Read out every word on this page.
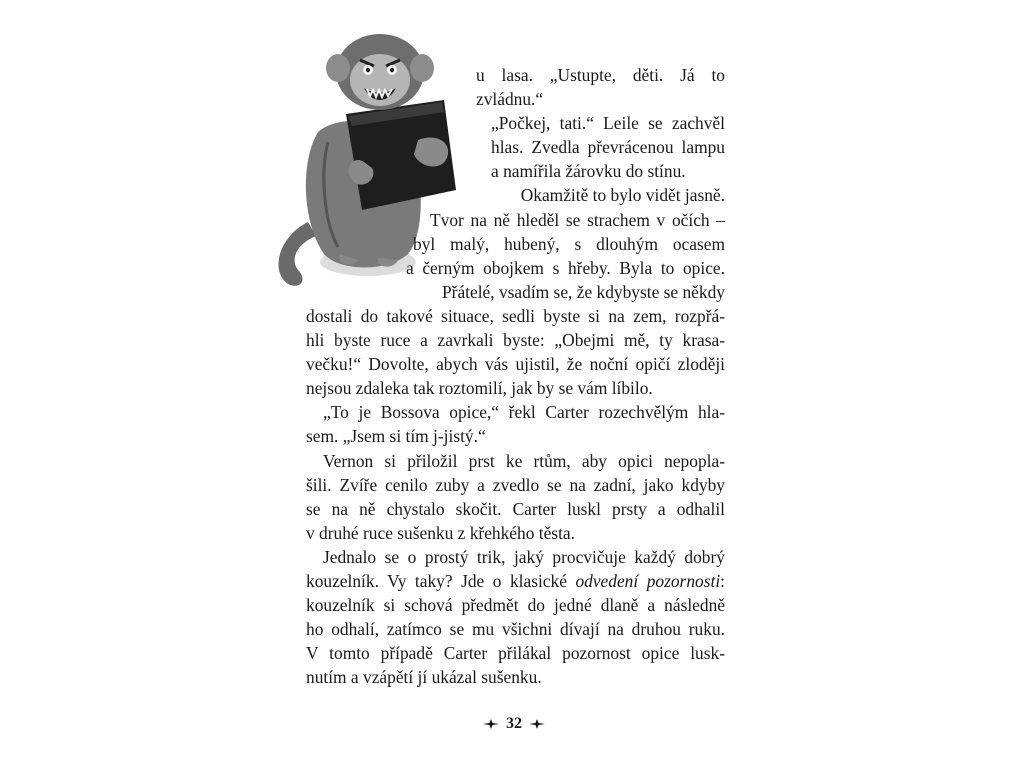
u lasa. „Ustupte, děti. Já to
zvládnu.“
„Počkej, tati.“ Leile se zachvěl
hlas. Zvedla převrácenou lampu
a namířila žárovku do stínu.
Okamžitě to bylo vidět jasně.
Tvor na ně hleděl se strachem v očích –
byl malý, hubený, s dlouhým ocasem
a černým obojkem s hřeby. Byla to opice.
Přátelé, vsadím se, že kdybyste se někdy
dostali do takové situace, sedli byste si na zem, rozpřá-
hli byste ruce a zavrkali byste: „Obejmi mě, ty krasa-
večku!“ Dovolte, abych vás ujistil, že noční opičí zloději
nejsou zdaleka tak roztomilí, jak by se vám líbilo.
„To je Bossova opice,“ řekl Carter rozechvělým hla-
sem. „Jsem si tím j-jistý.“
Vernon si přiložil prst ke rtům, aby opici nepopla-
šili. Zvíře cenilo zuby a zvedlo se na zadní, jako kdyby
se na ně chystalo skočit. Carter luskl prsty a odhalil
v druhé ruce sušenku z křehkého těsta.
Jednalo se o prostý trik, jaký procvičuje každý dobrý
kouzelník. Vy taky? Jde o klasické odvedení pozornosti:
kouzelník si schová předmět do jedné dlaně a následně
ho odhalí, zatímco se mu všichni dívají na druhou ruku.
V tomto případě Carter přilákal pozornost opice lusk-
nutím a vzápětí jí ukázal sušenku.
32
